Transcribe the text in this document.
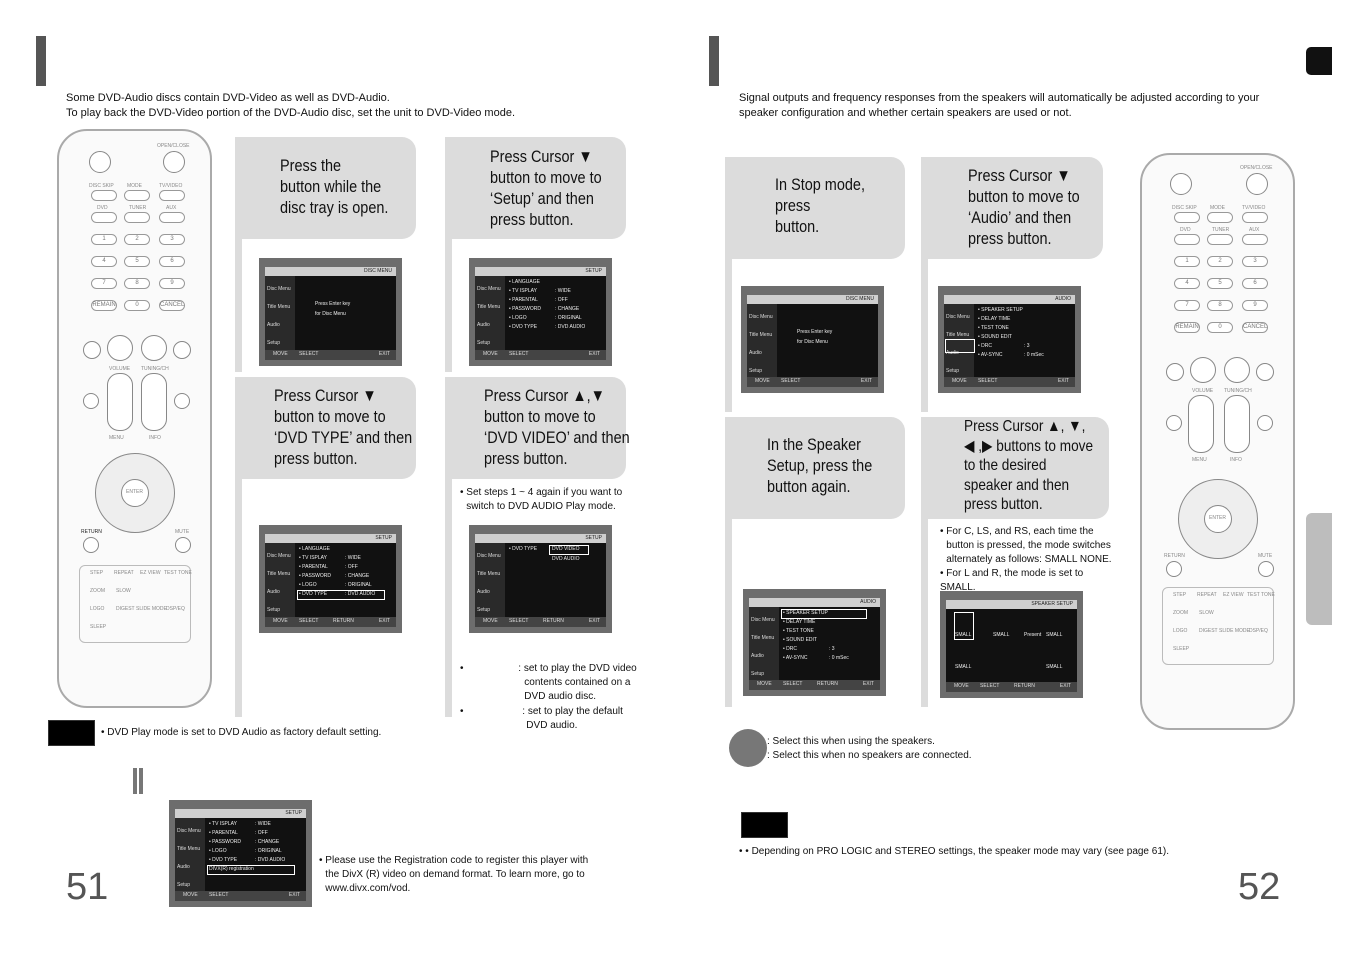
Some DVD-Audio discs contain DVD-Video as well as DVD-Audio.
To play back the DVD-Video portion of the DVD-Audio disc, set the unit to DVD-Video mode.
OPEN/CLOSE
DISC SKIP	MODE	TV/VIDEO
DVD	TUNER	AUX
1	2	3
4	5	6
7	8	9
REMAIN	0	CANCEL
VOLUME TUNING/CH
MENU	INFO
ENTER
RETURN	MUTE
STEP REPEAT EZ VIEW TEST TONE
ZOOM SLOW
LOGO DIGEST SLIDE MODE DSP/EQ
SLEEP
Press the
button while the
disc tray is open.
Press Cursor ▼
button to move to
‘Setup’ and then
press button.
Press Cursor ▼
button to move to
‘DVD TYPE’ and then
press button.
Press Cursor ▲,▼
button to move to
‘DVD VIDEO’ and then
press button.
DISC MENU
Disc Menu
Title Menu
Audio
Setup
Press Enter key
for Disc Menu
MOVE SELECT	EXIT
SETUP
Disc Menu
Title Menu
Audio
Setup
• LANGUAGE
• TV ISPLAY	: WIDE
• PARENTAL	: OFF
• PASSWORD	: CHANGE
• LOGO	: ORIGINAL
• DVD TYPE	: DVD AUDIO
MOVE SELECT	EXIT
SETUP
Disc Menu
Title Menu
Audio
Setup
• LANGUAGE
• TV ISPLAY	: WIDE
• PARENTAL	: OFF
• PASSWORD	: CHANGE
• LOGO	: ORIGINAL
• DVD TYPE	: DVD AUDIO
MOVE SELECT	RETURN	EXIT
SETUP
Disc Menu
Title Menu
Audio
Setup
• DVD TYPE	DVD VIDEO
DVD AUDIO
MOVE SELECT	RETURN	EXIT
• Set steps 1 ~ 4 again if you want to switch to DVD AUDIO Play mode.
•	: set to play the DVD video contents contained on a DVD audio disc.
•	: set to play the default DVD audio.
• DVD Play mode is set to DVD Audio as factory default setting.
SETUP
Disc Menu
Title Menu
Audio
Setup
• TV ISPLAY	: WIDE
• PARENTAL	: OFF
• PASSWORD	: CHANGE
• LOGO	: ORIGINAL
• DVD TYPE	: DVD AUDIO
DIVX(R) registration
MOVE SELECT	EXIT
• Please use the Registration code to register this player with the DivX (R) video on demand format. To learn more, go to www.divx.com/vod.
51
Signal outputs and frequency responses from the speakers will automatically be adjusted according to your
speaker configuration and whether certain speakers are used or not.
In Stop mode,
press
button.
Press Cursor ▼
button to move to
‘Audio’ and then
press button.
In the Speaker
Setup, press the
button again.
Press Cursor ▲, ▼,
◀ ,▶ buttons to move
to the desired
speaker and then
press button.
DISC MENU
Disc Menu
Title Menu
Audio
Setup
Press Enter key
for Disc Menu
MOVE SELECT	EXIT
AUDIO
Disc Menu
Title Menu
Audio
Setup
• SPEAKER SETUP
• DELAY TIME
• TEST TONE
• SOUND EDIT
• DRC	: 3
• AV-SYNC	: 0 mSec
MOVE SELECT	EXIT
AUDIO
Disc Menu
Title Menu
Audio
Setup
• SPEAKER SETUP
• DELAY TIME
• TEST TONE
• SOUND EDIT
• DRC	: 3
• AV-SYNC	: 0 mSec
MOVE SELECT	RETURN	EXIT
SPEAKER SETUP
SMALL	SMALL	Present SMALL
SMALL	SMALL
MOVE SELECT	RETURN	EXIT
• For C, LS, and RS, each time the button is pressed, the mode switches alternately as follows: SMALL NONE.
• For L and R, the mode is set to SMALL.
: Select this when using the speakers.
: Select this when no speakers are connected.
• • Depending on PRO LOGIC and STEREO settings, the speaker mode may vary (see page 61).
OPEN/CLOSE
DISC SKIP	MODE	TV/VIDEO
DVD	TUNER	AUX
1	2	3
4	5	6
7	8	9
REMAIN	0	CANCEL
VOLUME TUNING/CH
MENU	INFO
ENTER
RETURN	MUTE
STEP REPEAT EZ VIEW TEST TONE
ZOOM SLOW
LOGO DIGEST SLIDE MODE DSP/EQ
SLEEP
52
